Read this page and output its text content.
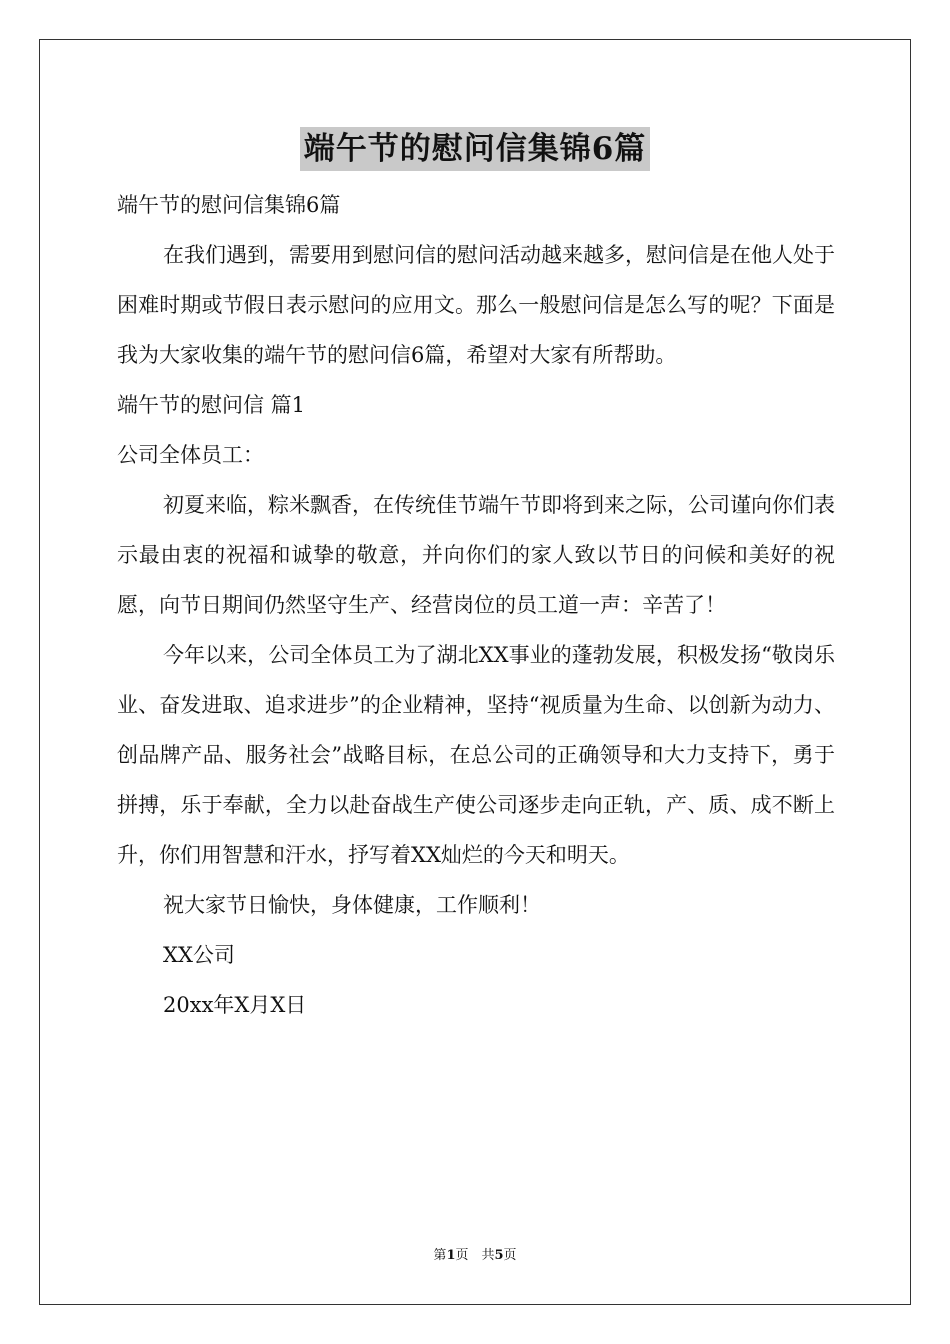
端午节的慰问信集锦6篇

端午节的慰问信集锦6篇

在我们遇到，需要用到慰问信的慰问活动越来越多，慰问信是在他人处于困难时期或节假日表示慰问的应用文。那么一般慰问信是怎么写的呢？下面是我为大家收集的端午节的慰问信6篇，希望对大家有所帮助。

端午节的慰问信 篇1

公司全体员工：

初夏来临，粽米飘香，在传统佳节端午节即将到来之际，公司谨向你们表示最由衷的祝福和诚挚的敬意，并向你们的家人致以节日的问候和美好的祝愿，向节日期间仍然坚守生产、经营岗位的员工道一声：辛苦了！

今年以来，公司全体员工为了湖北XX事业的蓬勃发展，积极发扬“敬岗乐业、奋发进取、追求进步”的企业精神，坚持“视质量为生命、以创新为动力、创品牌产品、服务社会”战略目标，在总公司的正确领导和大力支持下，勇于拼搏，乐于奉献，全力以赴奋战生产使公司逐步走向正轨，产、质、成不断上升，你们用智慧和汗水，抒写着XX灿烂的今天和明天。

祝大家节日愉快，身体健康，工作顺利！

XX公司

20xx年X月X日

第1页　共5页
